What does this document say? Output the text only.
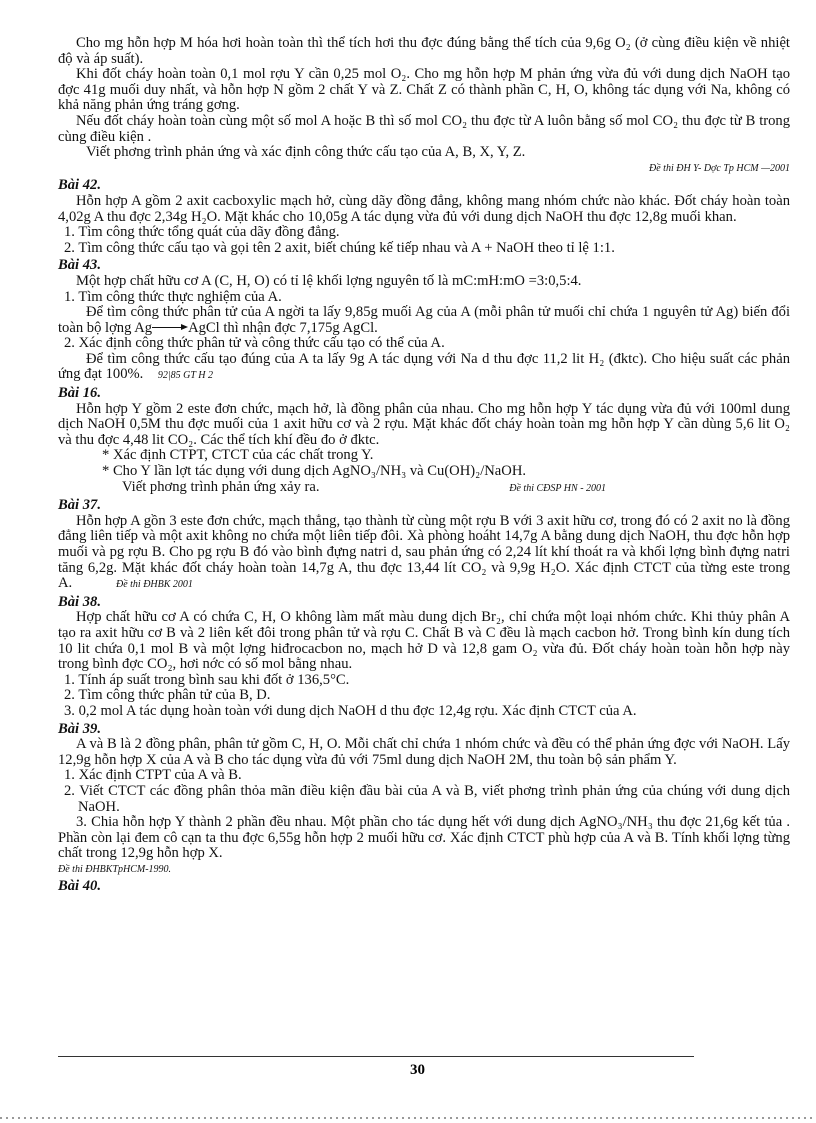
Cho mg hỗn hợp M hóa hơi hoàn toàn thì thể tích hơi thu đợc đúng bằng thể tích của 9,6g O₂ (ở cùng điều kiện về nhiệt độ và áp suất).

Khi đốt cháy hoàn toàn 0,1 mol rợu Y cần 0,25 mol O₂. Cho mg hỗn hợp M phản ứng vừa đủ với dung dịch NaOH tạo đợc 41g muối duy nhất, và hỗn hợp N gồm 2 chất Y và Z. Chất Z có thành phần C, H, O, không tác dụng với Na, không có khả năng phản ứng tráng gơng.

Nếu đốt cháy hoàn toàn cùng một số mol A hoặc B thì số mol CO₂ thu đợc từ A luôn bằng số mol CO₂ thu đợc từ B trong cùng điều kiện .

Viết phơng trình phản ứng và xác định công thức cấu tạo của A, B, X, Y, Z.

Đề thi ĐH Y- Dợc Tp HCM —2001

Bài 42.

Hỗn hợp A gồm 2 axit cacboxylic mạch hở, cùng dãy đồng đẳng, không mang nhóm chức nào khác. Đốt cháy hoàn toàn 4,02g A thu đợc 2,34g H₂O. Mặt khác cho 10,05g A tác dụng vừa đủ với dung dịch NaOH thu đợc 12,8g muối khan.

1. Tìm công thức tổng quát của dãy đồng đẳng.

2. Tìm công thức cấu tạo và gọi tên 2 axit, biết chúng kế tiếp nhau và A + NaOH theo tỉ lệ 1:1.

Bài 43.

Một hợp chất hữu cơ A (C, H, O) có tỉ lệ khối lợng nguyên tố là mC:mH:mO =3:0,5:4.

1. Tìm công thức thực nghiệm của A.

Để tìm công thức phân tử của A ngời ta lấy 9,85g muối Ag của A (mỗi phân tử muối chỉ chứa 1 nguyên tử Ag) biến đổi toàn bộ lợng Ag AgCl thì nhận đợc 7,175g AgCl.

2. Xác định công thức phân tử và công thức cấu tạo có thể của A.

Để tìm công thức cấu tạo đúng của A ta lấy 9g A tác dụng với Na d thu đợc 11,2 lit H₂ (đktc). Cho hiệu suất các phản ứng đạt 100%. 92|85 GT H 2

Bài 16.

Hỗn hợp Y gồm 2 este đơn chức, mạch hở, là đồng phân của nhau. Cho mg hỗn hợp Y tác dụng vừa đủ với 100ml dung dịch NaOH 0,5M thu đợc muối của 1 axit hữu cơ và 2 rợu. Mặt khác đốt cháy hoàn toàn mg hỗn hợp Y cần dùng 5,6 lit O₂ và thu đợc 4,48 lit CO₂. Các thể tích khí đều đo ở đktc.

* Xác định CTPT, CTCT của các chất trong Y.

* Cho Y lần lợt tác dụng với dung dịch AgNO₃/NH₃ và Cu(OH)₂/NaOH.

Viết phơng trình phản ứng xảy ra.	Đề thi CĐSP HN - 2001

Bài 37.

Hỗn hợp A gồn 3 este đơn chức, mạch thẳng, tạo thành từ cùng một rợu B với 3 axit hữu cơ, trong đó có 2 axit no là đồng đẳng liên tiếp và một axit không no chứa một liên tiếp đôi. Xà phòng hoáht 14,7g A bằng dung dịch NaOH, thu đợc hỗn hợp muối và pg rợu B. Cho pg rợu B đó vào bình đựng natri d, sau phản ứng có 2,24 lít khí thoát ra và khối lợng bình đựng natri tăng 6,2g. Mặt khác đốt cháy hoàn toàn 14,7g A, thu đợc 13,44 lít CO₂ và 9,9g H₂O. Xác định CTCT của từng este trong A.	Đề thi ĐHBK 2001

Bài 38.

Hợp chất hữu cơ A có chứa C, H, O không làm mất màu dung dịch Br₂, chỉ chứa một loại nhóm chức. Khi thủy phân A tạo ra axit hữu cơ B và 2 liên kết đôi trong phân tử và rợu C. Chất B và C đều là mạch cacbon hở. Trong bình kín dung tích 10 lit chứa 0,1 mol B và một lợng hiđrocacbon no, mạch hở D và 12,8 gam O₂ vừa đủ. Đốt cháy hoàn toàn hỗn hợp này trong bình đợc CO₂, hơi nớc có số mol bằng nhau.

1. Tính áp suất trong bình sau khi đốt ở 136,5°C.

2. Tìm công thức phân tử của B, D.

3. 0,2 mol A tác dụng hoàn toàn với dung dịch NaOH d thu đợc 12,4g rợu. Xác định CTCT của A.

Bài 39.

A và B là 2 đồng phân, phân tử gồm C, H, O. Mỗi chất chỉ chứa 1 nhóm chức và đều có thể phản ứng đợc với NaOH. Lấy 12,9g hỗn hợp X của A và B cho tác dụng vừa đủ với 75ml dung dịch NaOH 2M, thu toàn bộ sản phẩm Y.

1. Xác định CTPT của A và B.

2. Viết CTCT các đồng phân thỏa mãn điều kiện đầu bài của A và B, viết phơng trình phản ứng của chúng với dung dịch NaOH.

3. Chia hỗn hợp Y thành 2 phần đều nhau. Một phần cho tác dụng hết với dung dịch AgNO₃/NH₃ thu đợc 21,6g kết tủa . Phần còn lại đem cô cạn ta thu đợc 6,55g hỗn hợp 2 muối hữu cơ. Xác định CTCT phù hợp của A và B. Tính khối lợng từng chất trong 12,9g hỗn hợp X.

Đề thi ĐHBKTpHCM-1990.

Bài 40.

30
